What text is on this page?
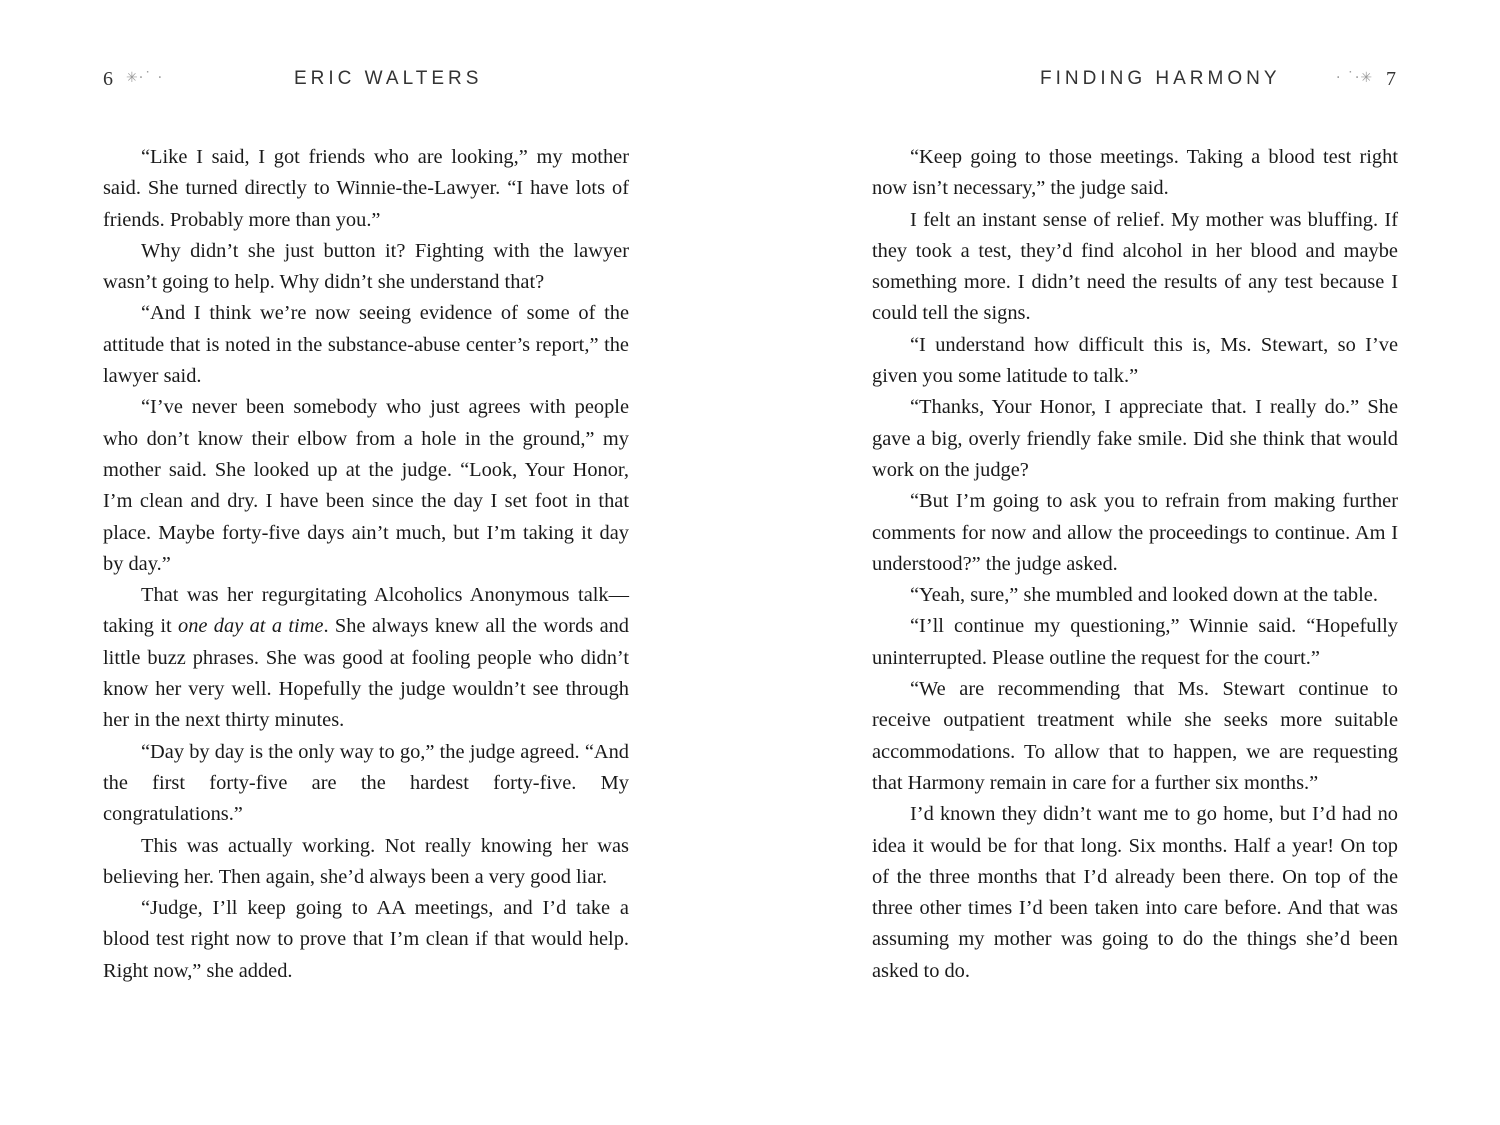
6 ✳·˙ ·	ERIC WALTERS

“Like I said, I got friends who are looking,” my mother said. She turned directly to Winnie-the-Lawyer. “I have lots of friends. Probably more than you.”

Why didn’t she just button it? Fighting with the lawyer wasn’t going to help. Why didn’t she understand that?

“And I think we’re now seeing evidence of some of the attitude that is noted in the substance-abuse center’s report,” the lawyer said.

“I’ve never been somebody who just agrees with people who don’t know their elbow from a hole in the ground,” my mother said. She looked up at the judge. “Look, Your Honor, I’m clean and dry. I have been since the day I set foot in that place. Maybe forty-five days ain’t much, but I’m taking it day by day.”

That was her regurgitating Alcoholics Anonymous talk—taking it one day at a time. She always knew all the words and little buzz phrases. She was good at fooling people who didn’t know her very well. Hopefully the judge wouldn’t see through her in the next thirty minutes.

“Day by day is the only way to go,” the judge agreed. “And the first forty-five are the hardest forty-five. My congratulations.”

This was actually working. Not really knowing her was believing her. Then again, she’d always been a very good liar.

“Judge, I’ll keep going to AA meetings, and I’d take a blood test right now to prove that I’m clean if that would help. Right now,” she added.

FINDING HARMONY	· ˙·✳ 7

“Keep going to those meetings. Taking a blood test right now isn’t necessary,” the judge said.

I felt an instant sense of relief. My mother was bluffing. If they took a test, they’d find alcohol in her blood and maybe something more. I didn’t need the results of any test because I could tell the signs.

“I understand how difficult this is, Ms. Stewart, so I’ve given you some latitude to talk.”

“Thanks, Your Honor, I appreciate that. I really do.” She gave a big, overly friendly fake smile. Did she think that would work on the judge?

“But I’m going to ask you to refrain from making further comments for now and allow the proceedings to continue. Am I understood?” the judge asked.

“Yeah, sure,” she mumbled and looked down at the table.

“I’ll continue my questioning,” Winnie said. “Hopefully uninterrupted. Please outline the request for the court.”

“We are recommending that Ms. Stewart continue to receive outpatient treatment while she seeks more suitable accommodations. To allow that to happen, we are requesting that Harmony remain in care for a further six months.”

I’d known they didn’t want me to go home, but I’d had no idea it would be for that long. Six months. Half a year! On top of the three months that I’d already been there. On top of the three other times I’d been taken into care before. And that was assuming my mother was going to do the things she’d been asked to do.
